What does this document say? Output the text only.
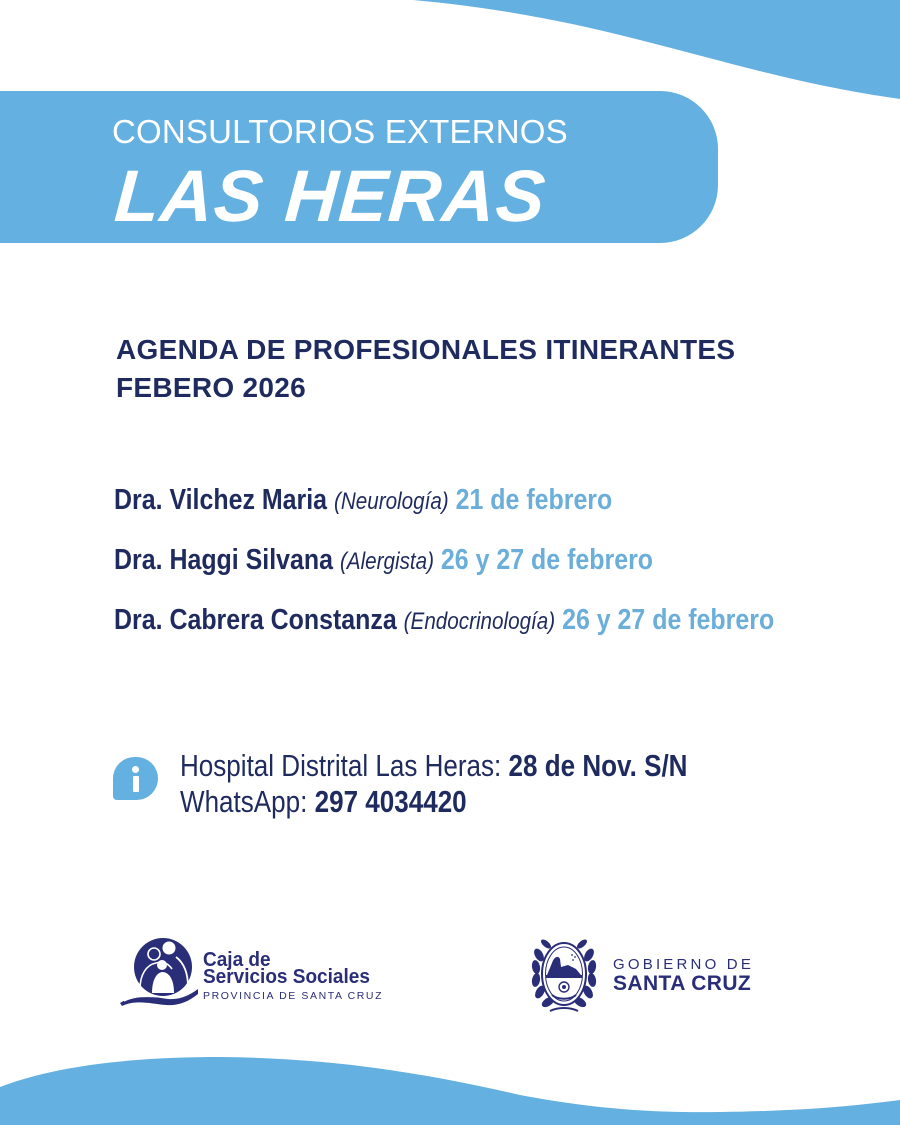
CONSULTORIOS EXTERNOS
LAS HERAS
AGENDA DE PROFESIONALES ITINERANTES
FEBERO 2026
Dra. Vilchez Maria (Neurología) 21 de febrero
Dra. Haggi Silvana (Alergista) 26 y 27 de febrero
Dra. Cabrera Constanza (Endocrinología) 26 y 27 de febrero
Hospital Distrital Las Heras: 28 de Nov. S/N
WhatsApp: 297 4034420
Caja de
Servicios Sociales
PROVINCIA DE SANTA CRUZ
GOBIERNO DE
SANTA CRUZ
